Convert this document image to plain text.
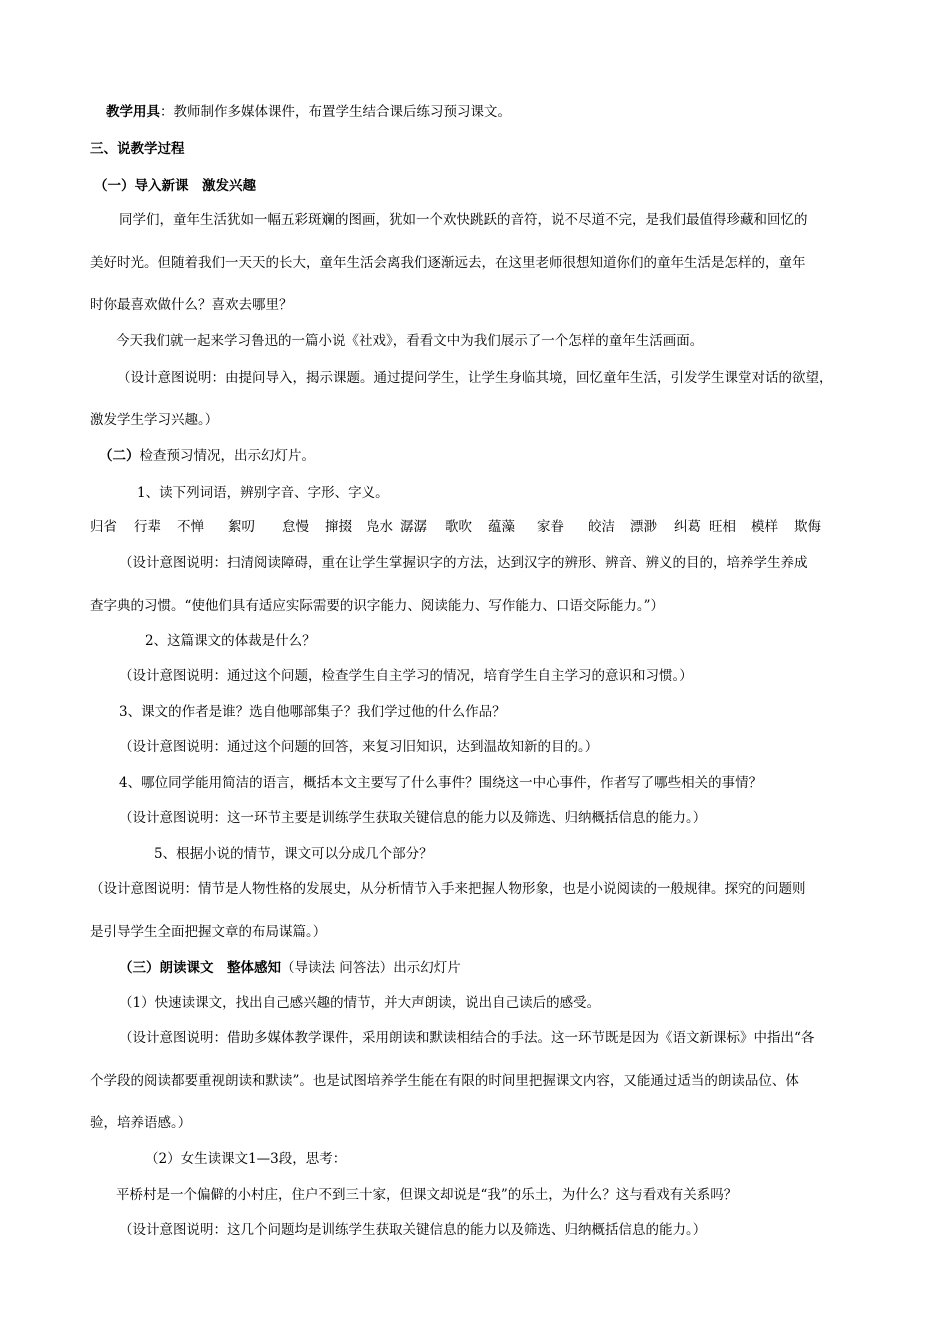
教学用具：教师制作多媒体课件，布置学生结合课后练习预习课文。
三、说教学过程
（一）导入新课　激发兴趣
同学们，童年生活犹如一幅五彩斑斓的图画，犹如一个欢快跳跃的音符，说不尽道不完，是我们最值得珍藏和回忆的
美好时光。但随着我们一天天的长大，童年生活会离我们逐渐远去，在这里老师很想知道你们的童年生活是怎样的，童年
时你最喜欢做什么？喜欢去哪里？
今天我们就一起来学习鲁迅的一篇小说《社戏》，看看文中为我们展示了一个怎样的童年生活画面。
（设计意图说明：由提问导入，揭示课题。通过提问学生，让学生身临其境，回忆童年生活，引发学生课堂对话的欲望，
激发学生学习兴趣。）
（二）检查预习情况，出示幻灯片。
1、读下列词语，辨别字音、字形、字义。
归省 行辈 不惮 絮叨 怠慢 撺掇 凫水 潺潺 歌吹 蕴藻 家眷 皎洁 漂渺 纠葛 旺相 模样 欺侮
（设计意图说明：扫清阅读障碍，重在让学生掌握识字的方法，达到汉字的辨形、辨音、辨义的目的，培养学生养成
查字典的习惯。“使他们具有适应实际需要的识字能力、阅读能力、写作能力、口语交际能力。”）
2、这篇课文的体裁是什么？
（设计意图说明：通过这个问题，检查学生自主学习的情况，培育学生自主学习的意识和习惯。）
3、课文的作者是谁？选自他哪部集子？我们学过他的什么作品？
（设计意图说明：通过这个问题的回答，来复习旧知识，达到温故知新的目的。）
4、哪位同学能用简洁的语言，概括本文主要写了什么事件？围绕这一中心事件，作者写了哪些相关的事情？
（设计意图说明：这一环节主要是训练学生获取关键信息的能力以及筛选、归纳概括信息的能力。）
5、根据小说的情节，课文可以分成几个部分？
（设计意图说明：情节是人物性格的发展史，从分析情节入手来把握人物形象，也是小说阅读的一般规律。探究的问题则
是引导学生全面把握文章的布局谋篇。）
（三）朗读课文　整体感知（导读法 问答法）出示幻灯片
（1）快速读课文，找出自己感兴趣的情节，并大声朗读，说出自己读后的感受。
（设计意图说明：借助多媒体教学课件，采用朗读和默读相结合的手法。这一环节既是因为《语文新课标》中指出“各
个学段的阅读都要重视朗读和默读”。也是试图培养学生能在有限的时间里把握课文内容，又能通过适当的朗读品位、体
验，培养语感。）
（2）女生读课文1—3段，思考：
平桥村是一个偏僻的小村庄，住户不到三十家，但课文却说是“我”的乐土，为什么？这与看戏有关系吗？
（设计意图说明：这几个问题均是训练学生获取关键信息的能力以及筛选、归纳概括信息的能力。）
